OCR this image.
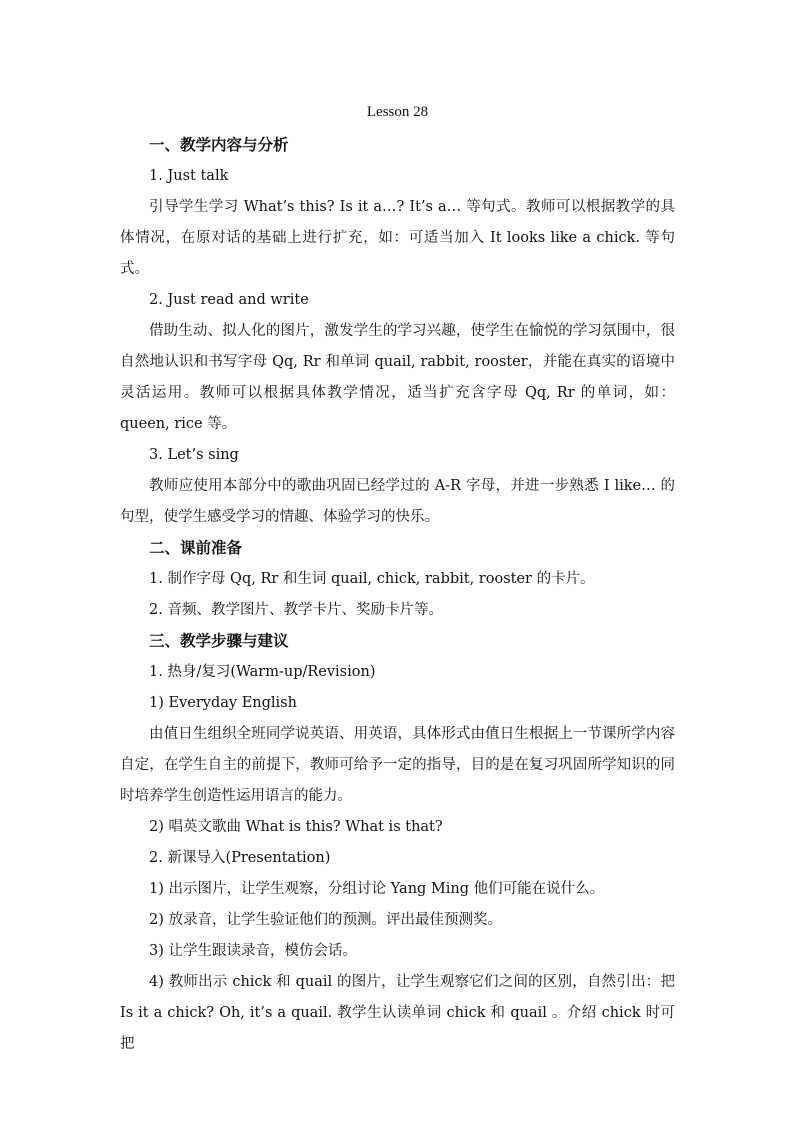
Lesson 28

一、教学内容与分析

1. Just talk

引导学生学习 What’s this? Is it a…? It’s a… 等句式。教师可以根据教学的具体情况，在原对话的基础上进行扩充，如：可适当加入 It looks like a chick. 等句式。

2. Just read and write

借助生动、拟人化的图片，激发学生的学习兴趣，使学生在愉悦的学习氛围中，很自然地认识和书写字母 Qq, Rr 和单词 quail, rabbit, rooster，并能在真实的语境中灵活运用。教师可以根据具体教学情况，适当扩充含字母 Qq, Rr 的单词，如：queen, rice 等。

3. Let’s sing

教师应使用本部分中的歌曲巩固已经学过的 A-R 字母，并进一步熟悉 I like… 的句型，使学生感受学习的情趣、体验学习的快乐。

二、课前准备

1. 制作字母 Qq, Rr 和生词 quail, chick, rabbit, rooster 的卡片。

2. 音频、教学图片、教学卡片、奖励卡片等。

三、教学步骤与建议

1. 热身/复习(Warm-up/Revision)

1) Everyday English

由值日生组织全班同学说英语、用英语，具体形式由值日生根据上一节课所学内容自定，在学生自主的前提下，教师可给予一定的指导，目的是在复习巩固所学知识的同时培养学生创造性运用语言的能力。

2) 唱英文歌曲 What is this? What is that?

2. 新课导入(Presentation)

1) 出示图片，让学生观察，分组讨论 Yang Ming 他们可能在说什么。

2) 放录音，让学生验证他们的预测。评出最佳预测奖。

3) 让学生跟读录音，模仿会话。

4) 教师出示 chick 和 quail 的图片，让学生观察它们之间的区别，自然引出：把 Is it a chick? Oh, it’s a quail. 教学生认读单词 chick 和 quail 。介绍 chick 时可把
